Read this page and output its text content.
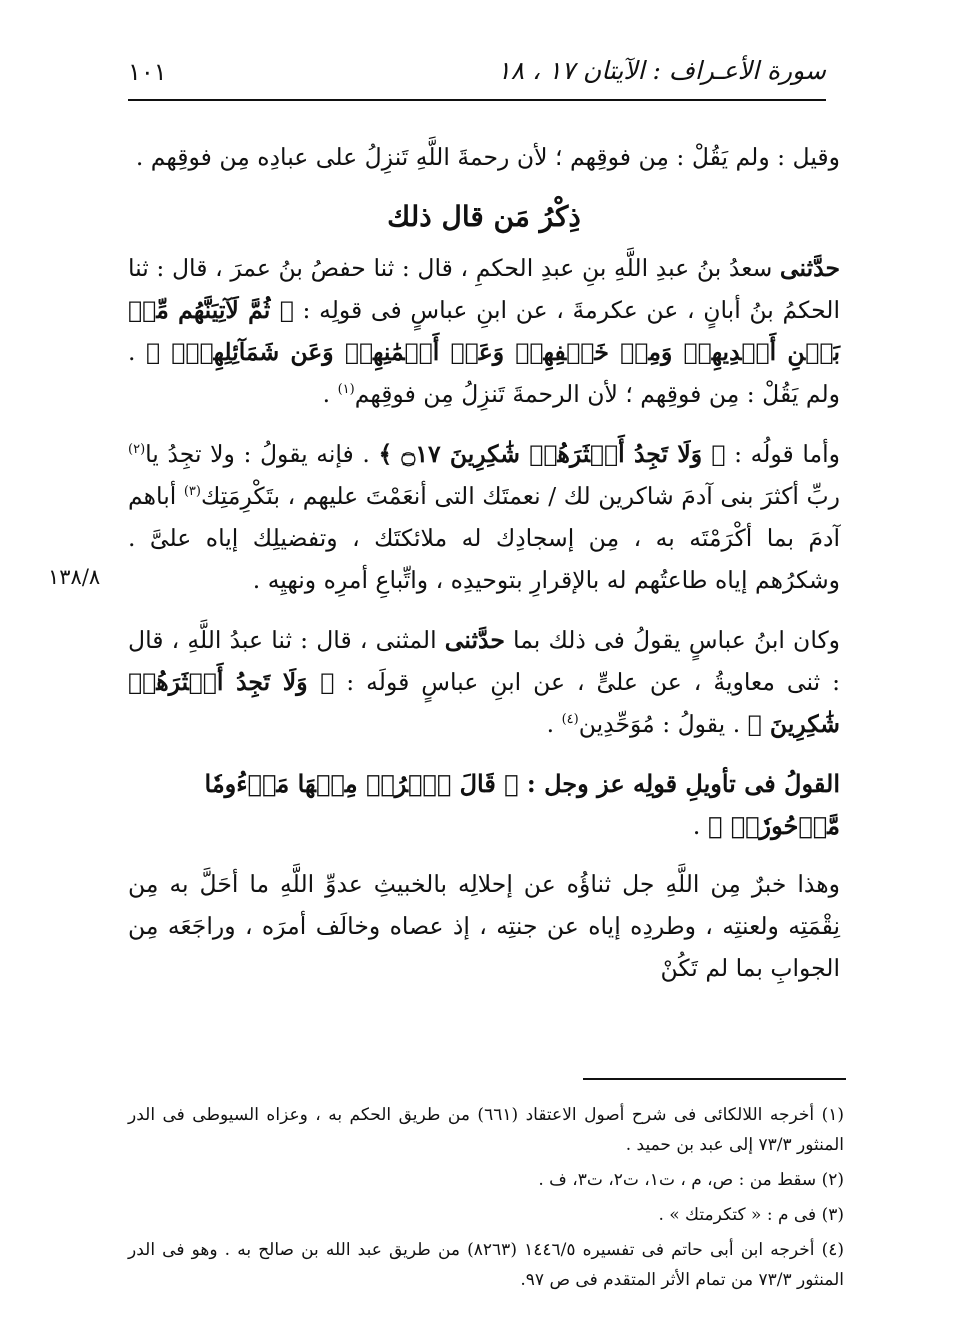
١٠١	سورة الأعـراف : الآيتان ١٧ ، ١٨
١٣٨/٨

وقيل : ولم يَقُلْ : مِن فوقِهم ؛ لأن رحمةَ اللَّهِ تَنزِلُ على عبادِه مِن فوقِهم .

ذِكْرُ مَن قال ذلك

حدَّثنى سعدُ بنُ عبدِ اللَّهِ بنِ عبدِ الحكمِ ، قال : ثنا حفصُ بنُ عمرَ ، قال : ثنا الحكمُ بنُ أبانٍ ، عن عكرمةَ ، عن ابنِ عباسٍ فى قولِه : ﴿ ثُمَّ لَآتِيَنَّهُم مِّنۢ بَيۡنِ أَيۡدِيهِمۡ وَمِنۡ خَلۡفِهِمۡ وَعَنۡ أَيۡمَٰنِهِمۡ وَعَن شَمَآئِلِهِمۡۖ ﴾ . ولم يَقُلْ : مِن فوقِهم ؛ لأن الرحمةَ تَنزِلُ مِن فوقِهم$^{(١)}$ .

وأما قولُه : ﴿ وَلَا تَجِدُ أَكۡثَرَهُمۡ شَٰكِرِينَ ۝١٧ ﴾ . فإنه يقولُ : ولا تجِدُ يا$^{(٢)}$ ربِّ أكثرَ بنى آدمَ شاكرين لك / نعمتَك التى أنعَمْتَ عليهم ، بتَكْرِمَتِك$^{(٣)}$ أباهم آدمَ بما أكْرَمْتَه به ، مِن إسجادِك له ملائكتَك ، وتفضيلِك إياه علىَّ . وشكرُهم إياه طاعتُهم له بالإقرارِ بتوحيدِه ، واتِّباعِ أمرِه ونهيِه .

وكان ابنُ عباسٍ يقولُ فى ذلك بما حدَّثنى المثنى ، قال : ثنا عبدُ اللَّهِ ، قال : ثنى معاويةُ ، عن علىٍّ ، عن ابنِ عباسٍ قولَه : ﴿ وَلَا تَجِدُ أَكۡثَرَهُمۡ شَٰكِرِينَ ﴾ . يقولُ : مُوَحِّدِين$^{(٤)}$ .

القولُ فى تأويلِ قولِه عز وجل : ﴿ قَالَ ٱخۡرُجۡ مِنۡهَا مَذۡءُومٗا مَّدۡحُورٗاۖ ﴾ .

وهذا خبرٌ مِن اللَّهِ جل ثناؤُه عن إحلالِه بالخبيثِ عدوِّ اللَّهِ ما أحَلَّ به مِن نِقْمَتِه ولعنتِه ، وطردِه إياه عن جنتِه ، إذ عصاه وخالَف أمرَه ، وراجَعَه مِن الجوابِ بما لم تَكُنْ

(١) أخرجه اللالكائى فى شرح أصول الاعتقاد (٦٦١) من طريق الحكم به ، وعزاه السيوطى فى الدر المنثور ٧٣/٣ إلى عبد بن حميد .

(٢) سقط من : ص، م ، ت١، ت٢، ت٣، ف .

(٣) فى م : « كتكرمتك » .

(٤) أخرجه ابن أبى حاتم فى تفسيره ١٤٤٦/٥ (٨٢٦٣) من طريق عبد الله بن صالح به . وهو فى الدر المنثور ٧٣/٣ من تمام الأثر المتقدم فى ص ٩٧.
